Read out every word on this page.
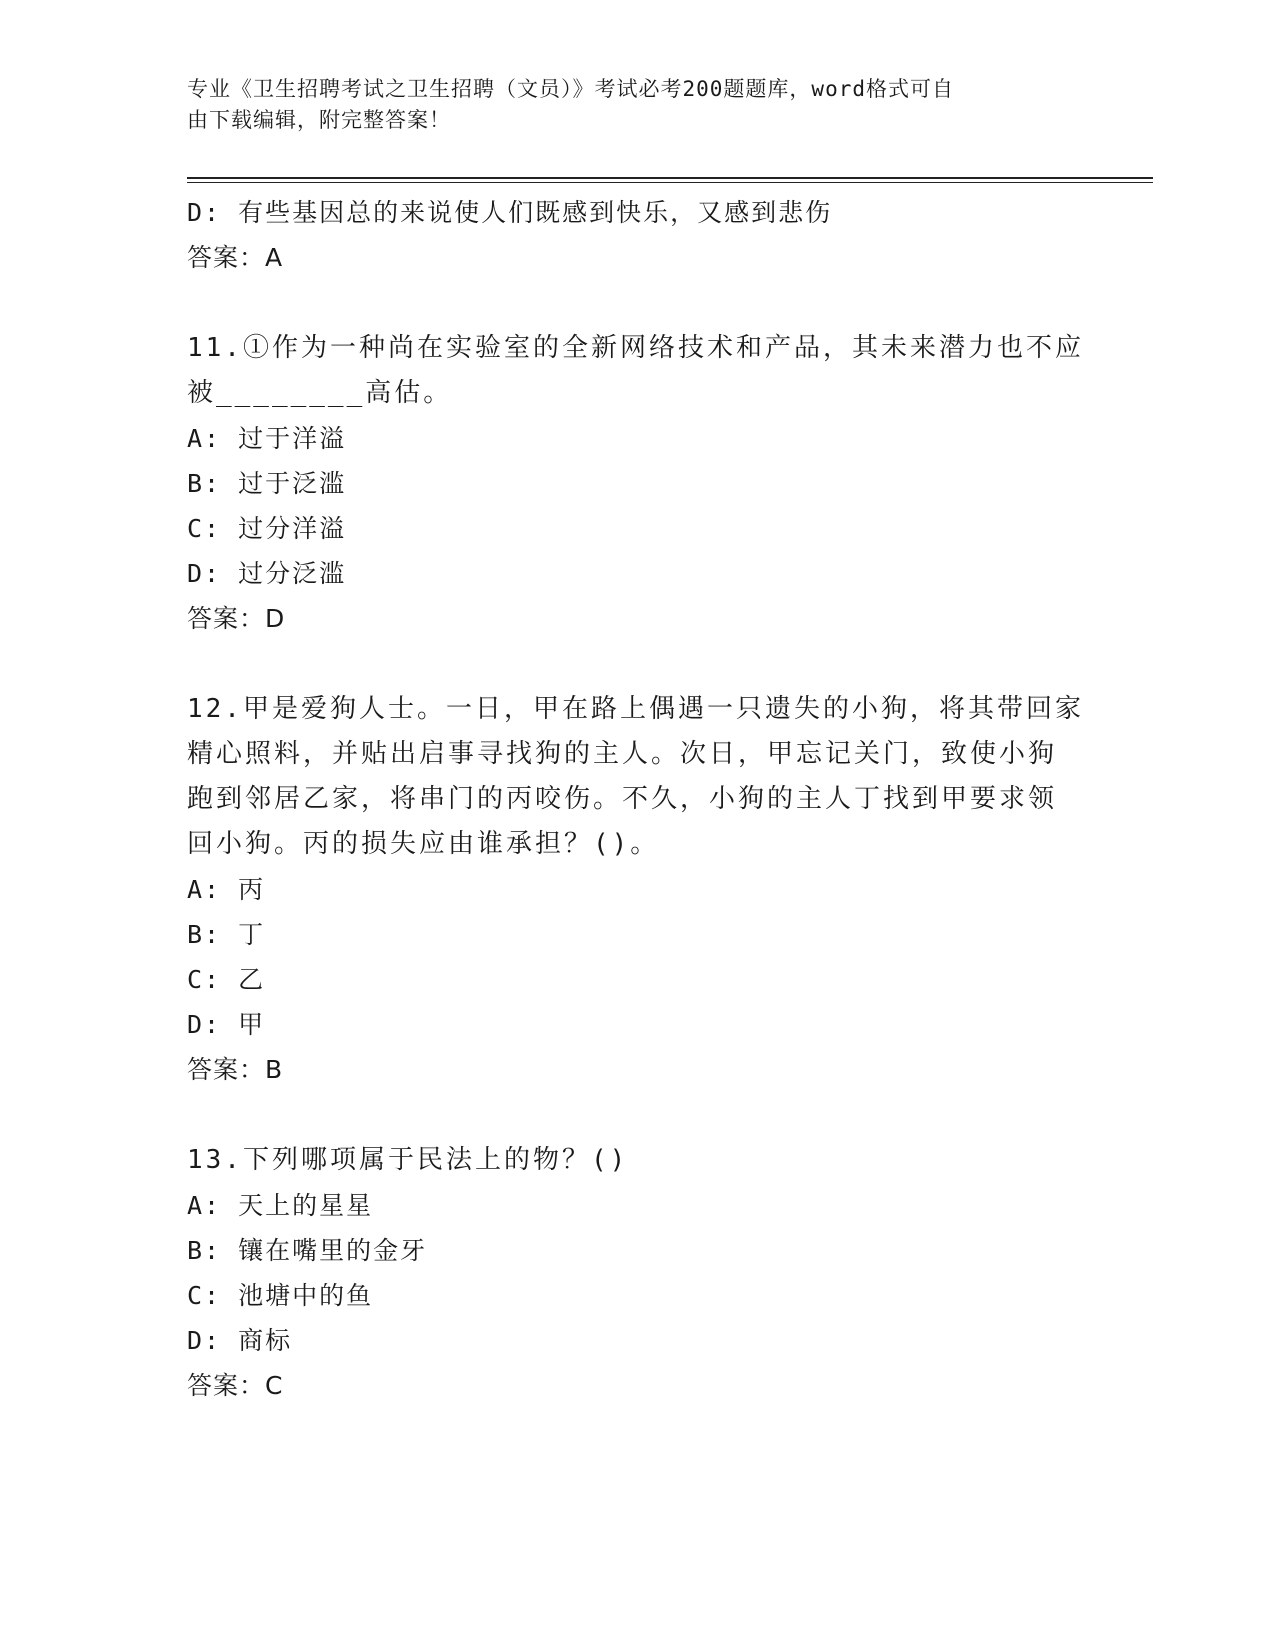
专业《卫生招聘考试之卫生招聘（文员）》考试必考200题题库，word格式可自
由下载编辑，附完整答案！
D: 有些基因总的来说使人们既感到快乐，又感到悲伤
答案：A
11.①作为一种尚在实验室的全新网络技术和产品，其未来潜力也不应
被________高估。
A: 过于洋溢
B: 过于泛滥
C: 过分洋溢
D: 过分泛滥
答案：D
12.甲是爱狗人士。一日，甲在路上偶遇一只遗失的小狗，将其带回家
精心照料，并贴出启事寻找狗的主人。次日，甲忘记关门，致使小狗
跑到邻居乙家，将串门的丙咬伤。不久，小狗的主人丁找到甲要求领
回小狗。丙的损失应由谁承担？()。
A: 丙
B: 丁
C: 乙
D: 甲
答案：B
13.下列哪项属于民法上的物？()
A: 天上的星星
B: 镶在嘴里的金牙
C: 池塘中的鱼
D: 商标
答案：C
